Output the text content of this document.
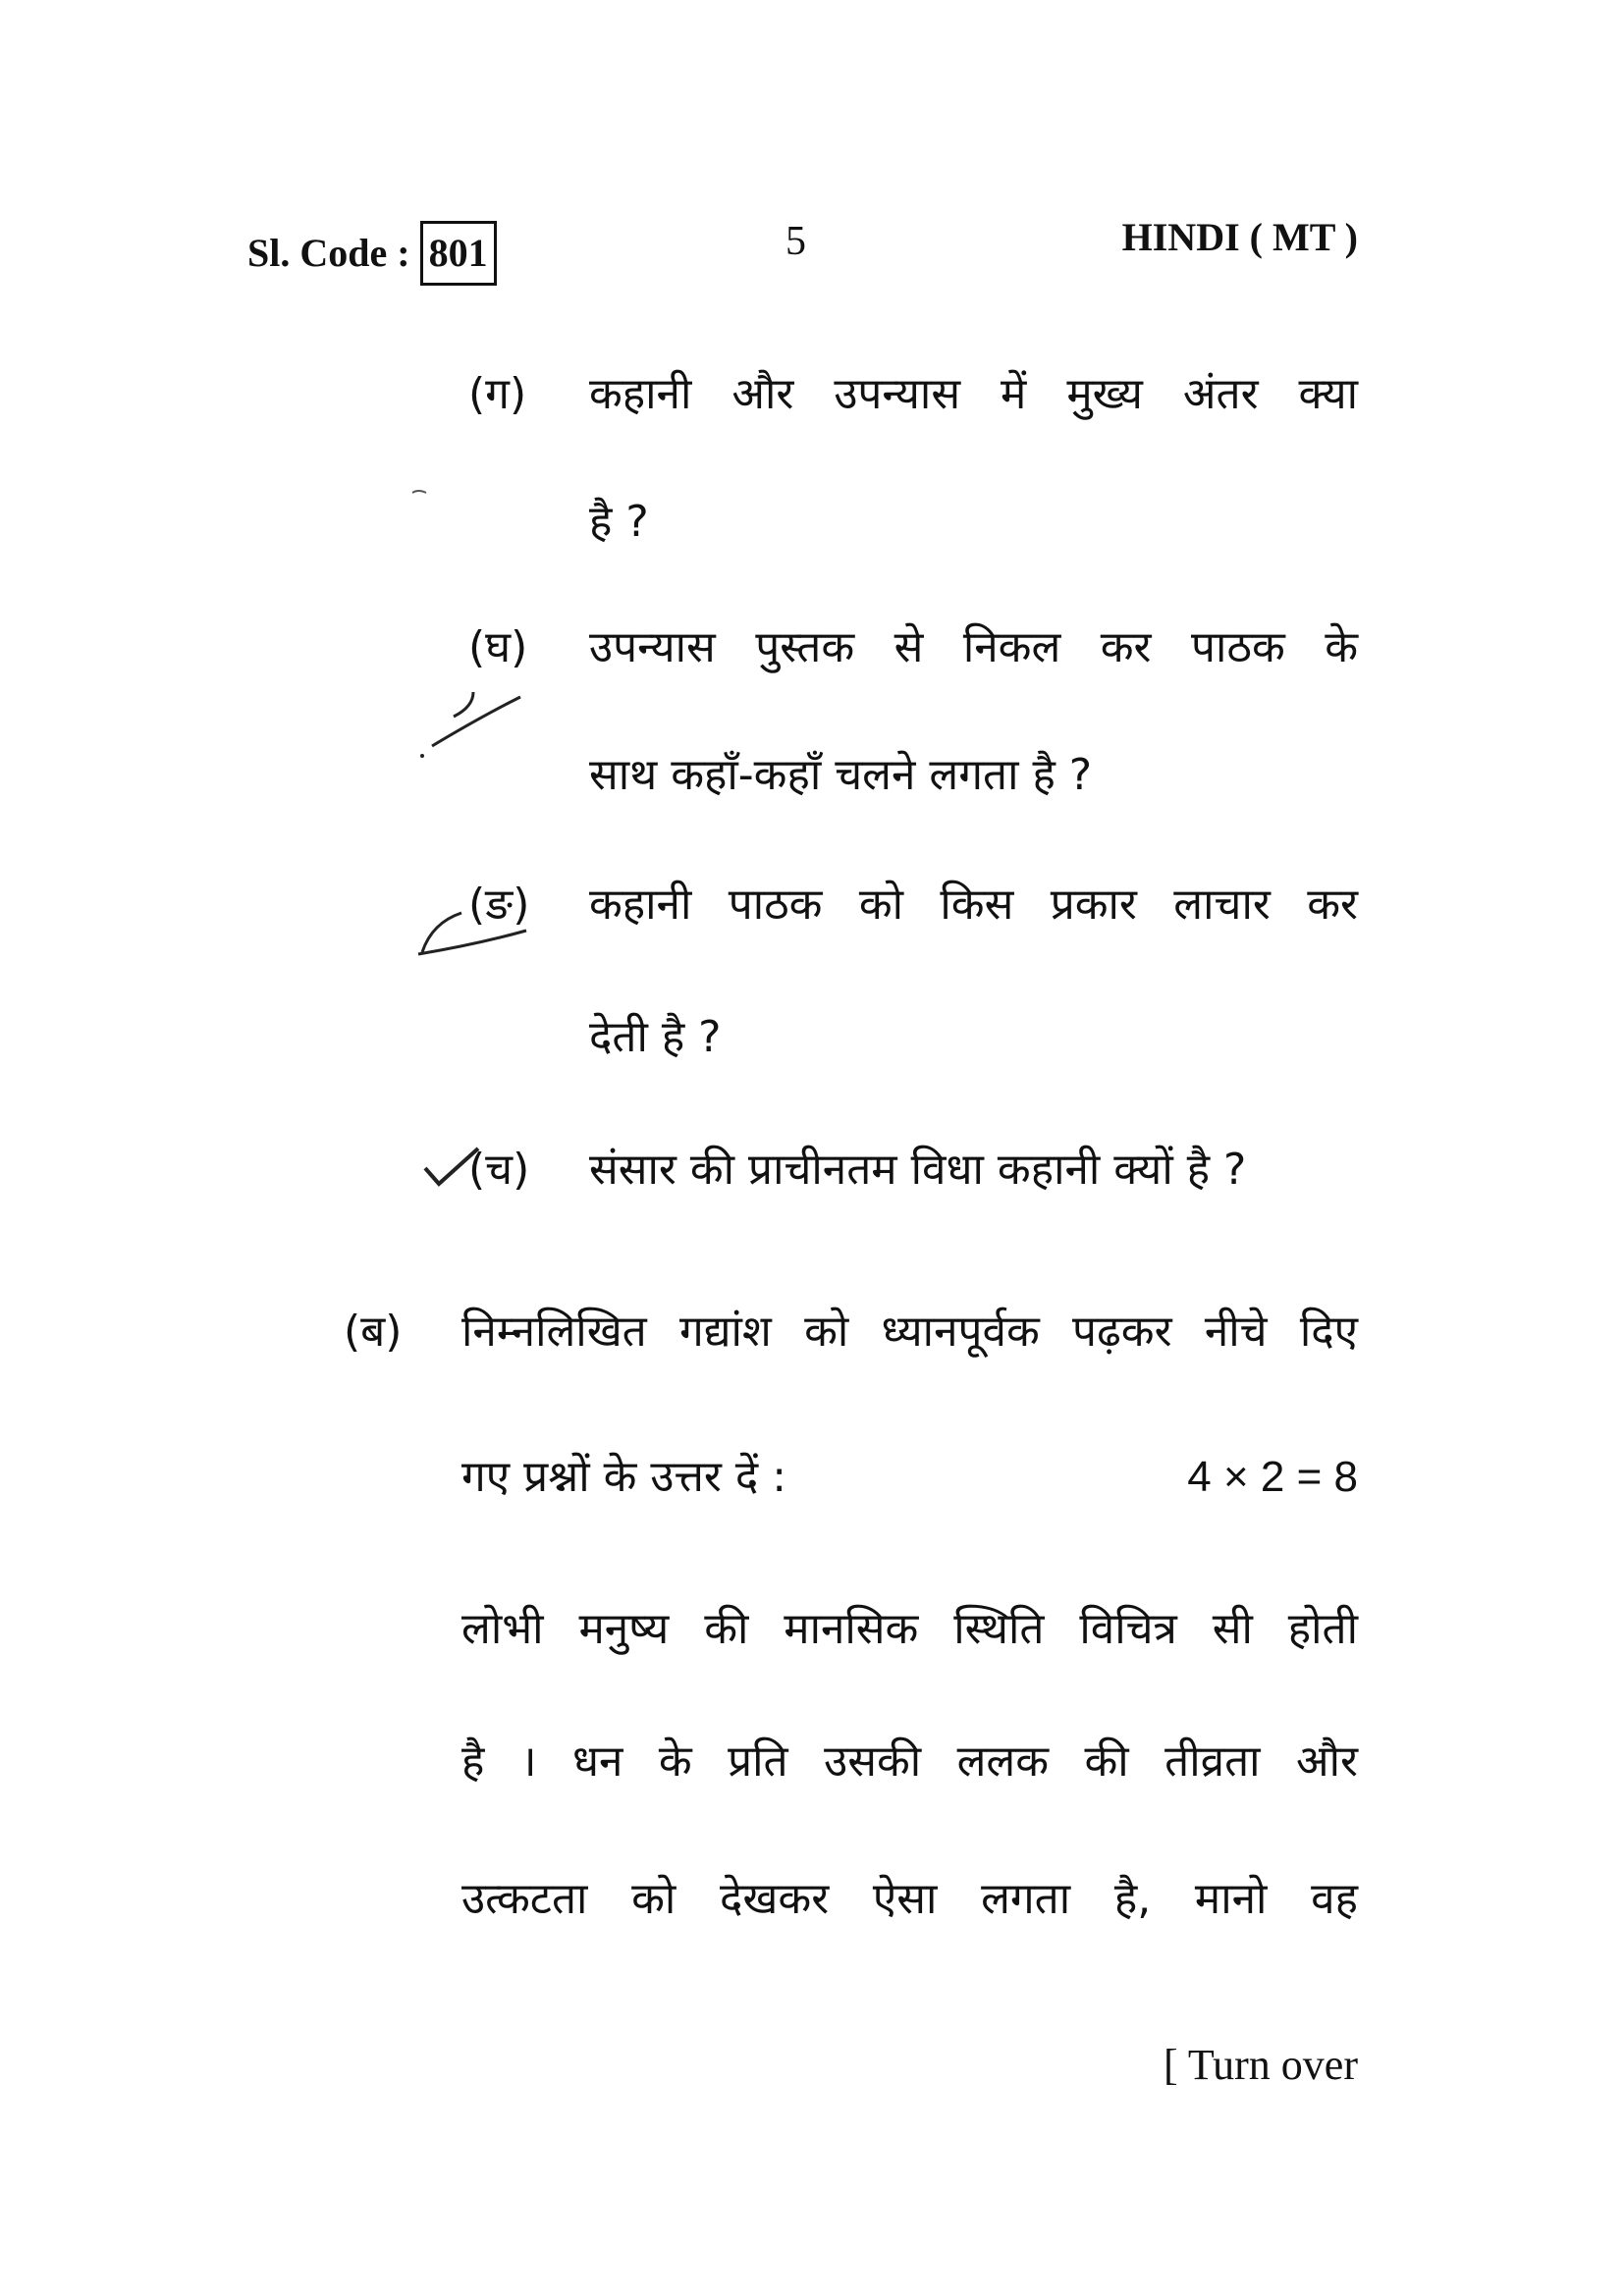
Sl. Code : 801	5	HINDI ( MT )
(ग) कहानी और उपन्यास में मुख्य अंतर क्या
है ?
(घ) उपन्यास पुस्तक से निकल कर पाठक के
साथ कहाँ-कहाँ चलने लगता है ?
(ङ) कहानी पाठक को किस प्रकार लाचार कर
देती है ?
(च) संसार की प्राचीनतम विधा कहानी क्यों है ?
(ब) निम्नलिखित गद्यांश को ध्यानपूर्वक पढ़कर नीचे दिए
गए प्रश्नों के उत्तर दें :	4 × 2 = 8
लोभी मनुष्य की मानसिक स्थिति विचित्र सी होती
है । धन के प्रति उसकी ललक की तीव्रता और
उत्कटता को देखकर ऐसा लगता है, मानो वह
[ Turn over
